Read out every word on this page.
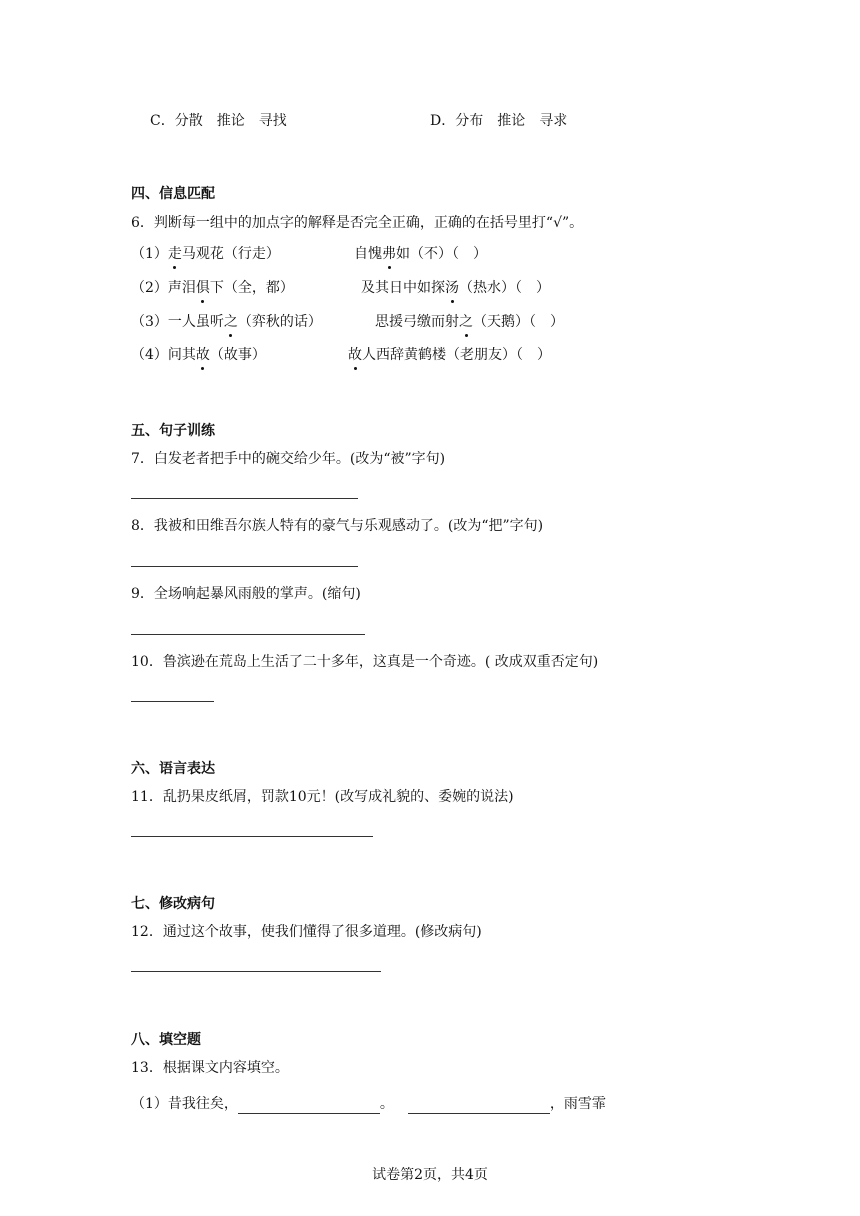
C．分散　推论　寻找	D．分布　推论　寻求
四、信息匹配
6．判断每一组中的加点字的解释是否完全正确，正确的在括号里打“√”。
（1）走马观花（行走）	自愧弗如（不）（　）
（2）声泪俱下（全，都）	及其日中如探汤（热水）（　）
（3）一人虽听之（弈秋的话）	思援弓缴而射之（天鹅）（　）
（4）问其故（故事）	故人西辞黄鹤楼（老朋友）（　）
五、句子训练
7．白发老者把手中的碗交给少年。(改为“被”字句)
8．我被和田维吾尔族人特有的豪气与乐观感动了。(改为“把”字句)
9．全场响起暴风雨般的掌声。(缩句)
10．鲁滨逊在荒岛上生活了二十多年，这真是一个奇迹。( 改成双重否定句)
六、语言表达
11．乱扔果皮纸屑，罚款10元！(改写成礼貌的、委婉的说法)
七、修改病句
12．通过这个故事，使我们懂得了很多道理。(修改病句)
八、填空题
13．根据课文内容填空。
（1）昔我往矣，	。	，雨雪霏
试卷第2页，共4页
